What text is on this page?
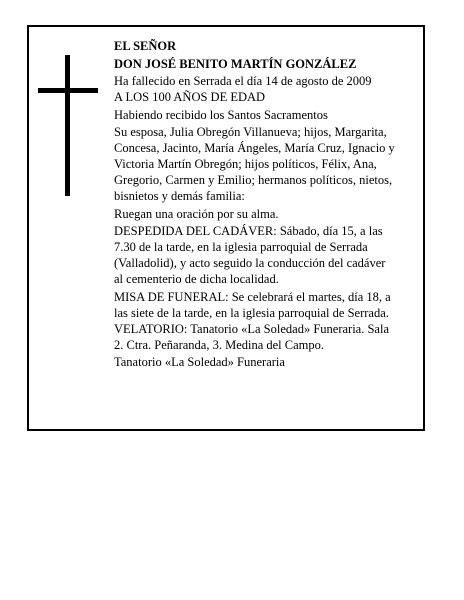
EL SEÑOR
DON JOSÉ BENITO MARTÍN GONZÁLEZ
Ha fallecido en Serrada el día 14 de agosto de 2009
A LOS 100 AÑOS DE EDAD
Habiendo recibido los Santos Sacramentos
Su esposa, Julia Obregón Villanueva; hijos, Margarita,
Concesa, Jacinto, María Ángeles, María Cruz, Ignacio y
Victoria Martín Obregón; hijos políticos, Félix, Ana,
Gregorio, Carmen y Emilio; hermanos políticos, nietos,
bisnietos y demás familia:
Ruegan una oración por su alma.
DESPEDIDA DEL CADÁVER: Sábado, día 15, a las
7.30 de la tarde, en la iglesia parroquial de Serrada
(Valladolid), y acto seguido la conducción del cadáver
al cementerio de dicha localidad.
MISA DE FUNERAL: Se celebrará el martes, día 18, a
las siete de la tarde, en la iglesia parroquial de Serrada.
VELATORIO: Tanatorio «La Soledad» Funeraria. Sala
2. Ctra. Peñaranda, 3. Medina del Campo.
Tanatorio «La Soledad» Funeraria
